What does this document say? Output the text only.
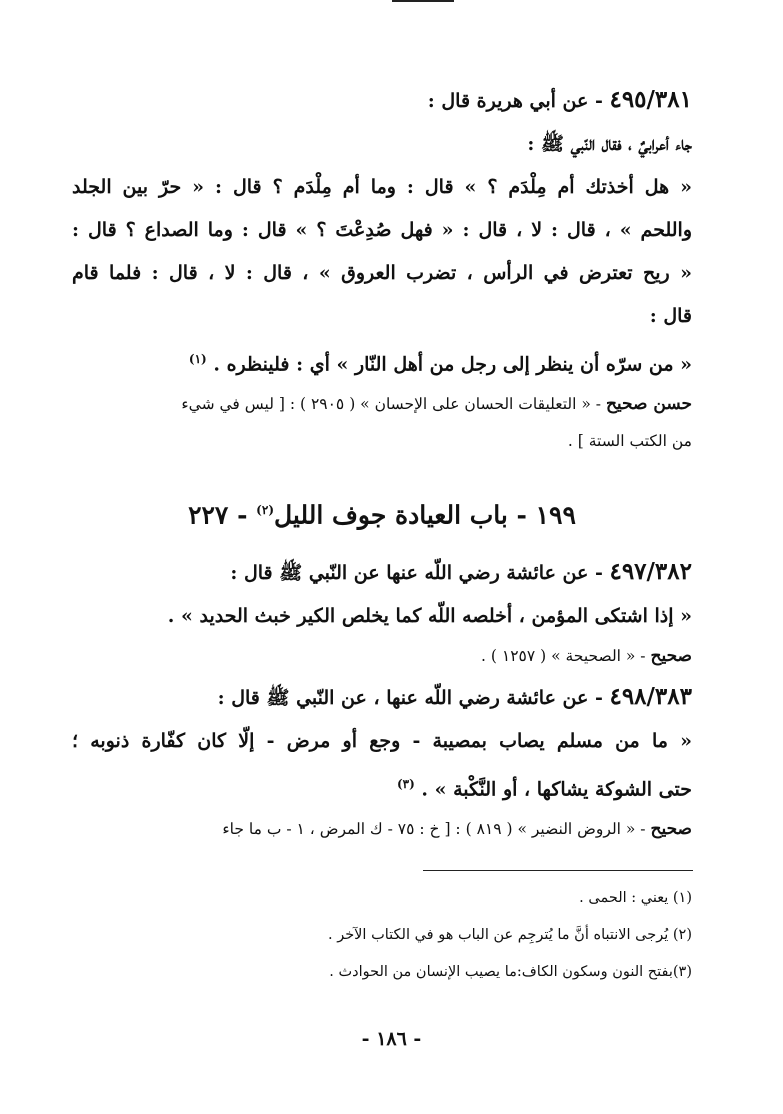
٤٩٥/٣٨١ - عن أبي هريرة قال :
جاء أعرابيٌ ، فقال النّبي ﷺ :
« هل أخذتك أم مِلْدَم ؟ » قال : وما أم مِلْدَم ؟ قال : « حرّ بين الجلد
واللحم » ، قال : لا ، قال : « فهل صُدِعْتَ ؟ » قال : وما الصداع ؟ قال :
« ريح تعترض في الرأس ، تضرب العروق » ، قال : لا ، قال : فلما قام
قال :
« من سرّه أن ينظر إلى رجل من أهل النّار » أي : فلينظره . $^{(١)}$
حسن صحيح - « التعليقات الحسان على الإحسان » ( ٢٩٠٥ ) : [ ليس في شيء
من الكتب الستة ] .
١٩٩ - باب العيادة جوف الليل$^{(٢)}$ - ٢٢٧
٤٩٧/٣٨٢ - عن عائشة رضي اللّه عنها عن النّبي ﷺ قال :
« إذا اشتكى المؤمن ، أخلصه اللّه كما يخلص الكير خبث الحديد » .
صحيح - « الصحيحة » ( ١٢٥٧ ) .
٤٩٨/٣٨٣ - عن عائشة رضي اللّه عنها ، عن النّبي ﷺ قال :
« ما من مسلم يصاب بمصيبة - وجع أو مرض - إلّا كان كفّارة ذنوبه ؛
حتى الشوكة يشاكها ، أو النَّكْبة » . $^{(٣)}$
صحيح - « الروض النضير » ( ٨١٩ ) : [ خ : ٧٥ - ك المرض ، ١ - ب ما جاء
(١) يعني : الحمى .
(٢) يُرجى الانتباه أنَّ ما يُترجِم عن الباب هو في الكتاب الآخر .
(٣)بفتح النون وسكون الكاف:ما يصيب الإنسان من الحوادث .
- ١٨٦ -
